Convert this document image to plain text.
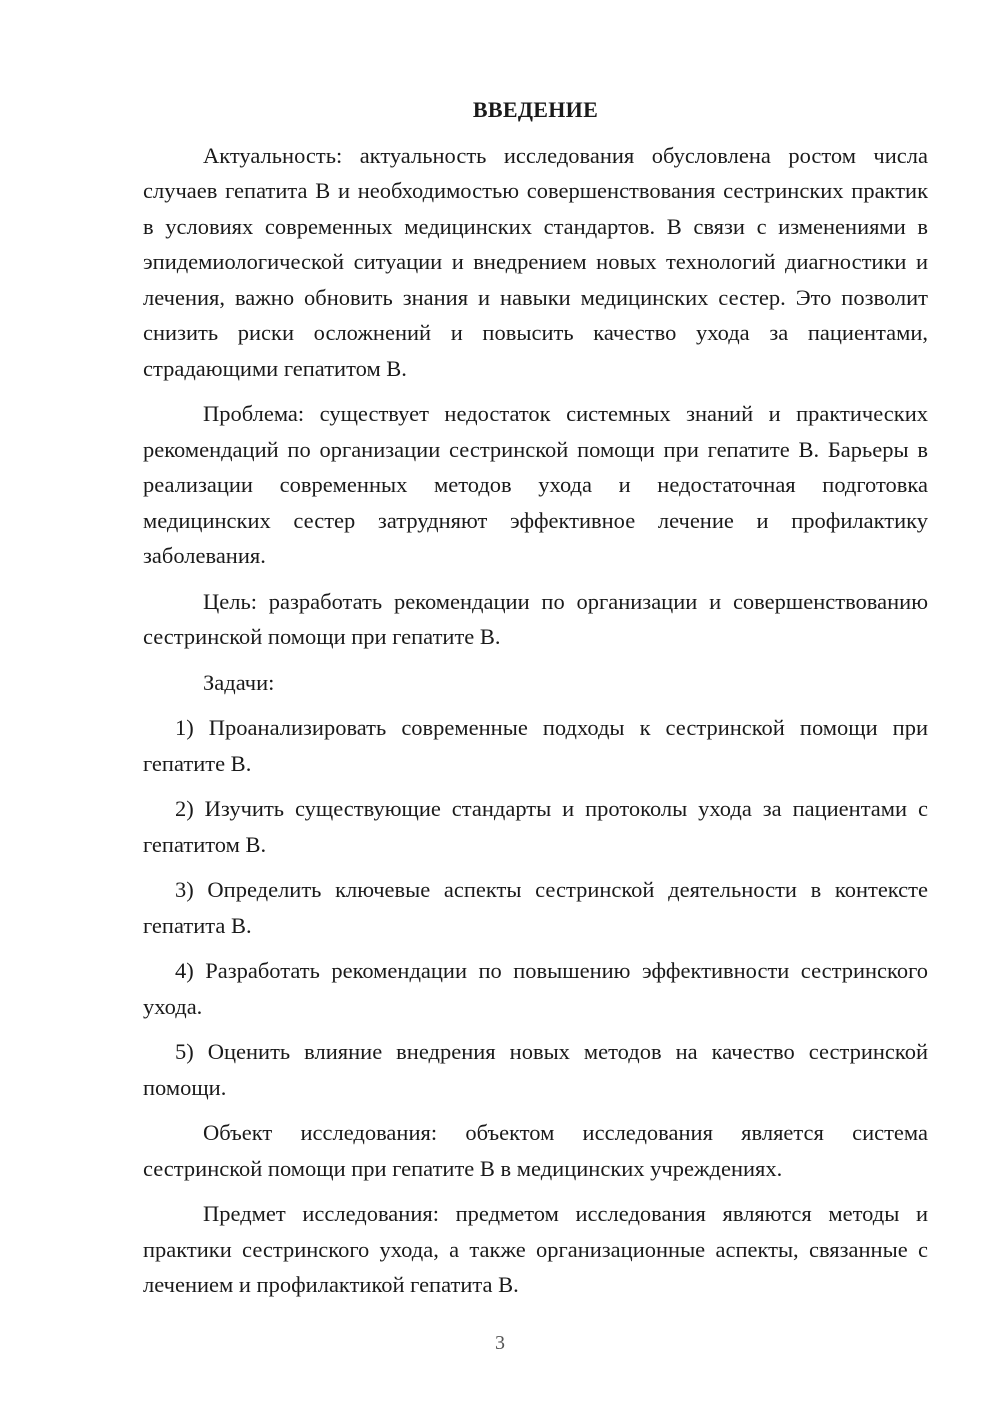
ВВЕДЕНИЕ

Актуальность: актуальность исследования обусловлена ростом числа случаев гепатита В и необходимостью совершенствования сестринских практик в условиях современных медицинских стандартов. В связи с изменениями в эпидемиологической ситуации и внедрением новых технологий диагностики и лечения, важно обновить знания и навыки медицинских сестер. Это позволит снизить риски осложнений и повысить качество ухода за пациентами, страдающими гепатитом В.

Проблема: существует недостаток системных знаний и практических рекомендаций по организации сестринской помощи при гепатите В. Барьеры в реализации современных методов ухода и недостаточная подготовка медицинских сестер затрудняют эффективное лечение и профилактику заболевания.

Цель: разработать рекомендации по организации и совершенствованию сестринской помощи при гепатите В.

Задачи:

1) Проанализировать современные подходы к сестринской помощи при гепатите В.

2) Изучить существующие стандарты и протоколы ухода за пациентами с гепатитом В.

3) Определить ключевые аспекты сестринской деятельности в контексте гепатита В.

4) Разработать рекомендации по повышению эффективности сестринского ухода.

5) Оценить влияние внедрения новых методов на качество сестринской помощи.

Объект исследования: объектом исследования является система сестринской помощи при гепатите В в медицинских учреждениях.

Предмет исследования: предметом исследования являются методы и практики сестринского ухода, а также организационные аспекты, связанные с лечением и профилактикой гепатита В.

3
